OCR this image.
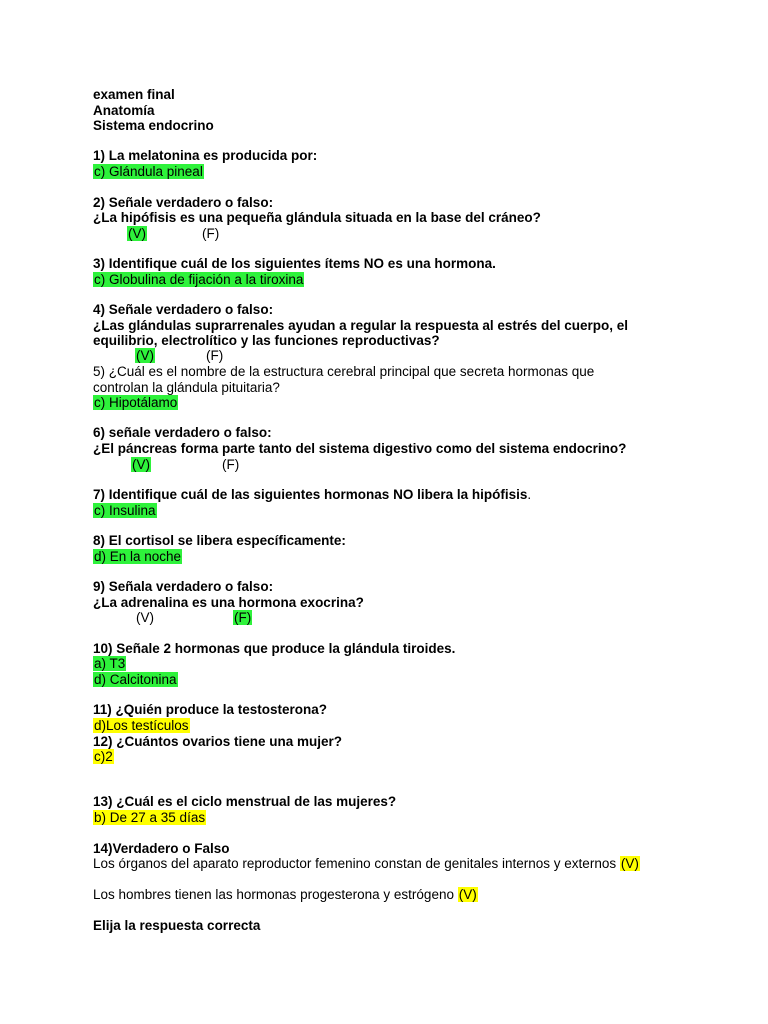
examen final
Anatomía
Sistema endocrino
1) La melatonina es producida por:
c) Glándula pineal
2) Señale verdadero o falso:
¿La hipófisis es una pequeña glándula situada en la base del cráneo?
(V)	(F)
3) Identifique cuál de los siguientes ítems NO es una hormona.
c) Globulina de fijación a la tiroxina
4) Señale verdadero o falso:
¿Las glándulas suprarrenales ayudan a regular la respuesta al estrés del cuerpo, el
equilibrio, electrolítico y las funciones reproductivas?
(V)	(F)
5) ¿Cuál es el nombre de la estructura cerebral principal que secreta hormonas que
controlan la glándula pituitaria?
c) Hipotálamo
6) señale verdadero o falso:
¿El páncreas forma parte tanto del sistema digestivo como del sistema endocrino?
(V)	(F)
7) Identifique cuál de las siguientes hormonas NO libera la hipófisis.
c) Insulina
8) El cortisol se libera específicamente:
d) En la noche
9) Señala verdadero o falso:
¿La adrenalina es una hormona exocrina?
(V)	(F)
10) Señale 2 hormonas que produce la glándula tiroides.
a) T3
d) Calcitonina
11) ¿Quién produce la testosterona?
d)Los testículos
12) ¿Cuántos ovarios tiene una mujer?
c)2
13) ¿Cuál es el ciclo menstrual de las mujeres?
b) De 27 a 35 días
14)Verdadero o Falso
Los órganos del aparato reproductor femenino constan de genitales internos y externos (V)
Los hombres tienen las hormonas progesterona y estrógeno (V)
Elija la respuesta correcta
